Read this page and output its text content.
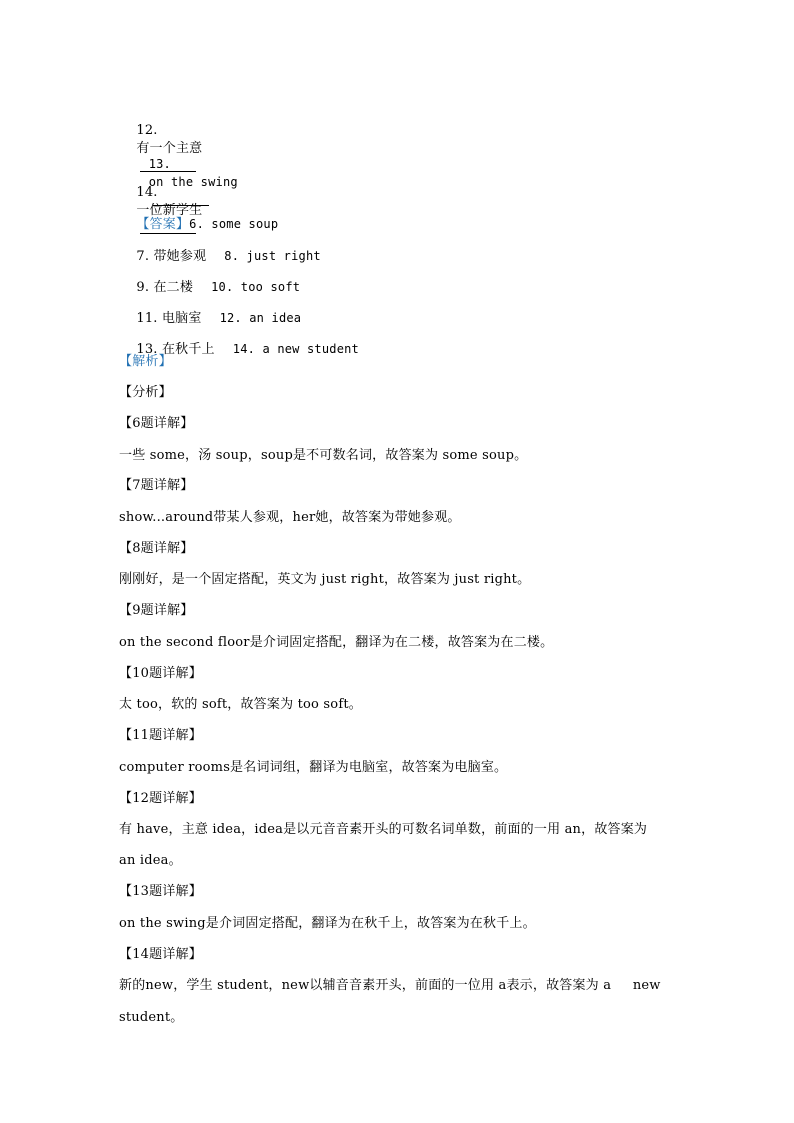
12.
有一个主意

13.
on the swing

14.
一位新学生

【答案】6. some soup

7. 带她参观 8. just right

9. 在二楼 10. too soft

11. 电脑室 12. an idea

13. 在秋千上 14. a new student

【解析】
【分析】
【6题详解】
一些 some，汤 soup，soup是不可数名词，故答案为 some soup。
【7题详解】
show...around带某人参观，her她，故答案为带她参观。
【8题详解】
刚刚好，是一个固定搭配，英文为 just right，故答案为 just right。
【9题详解】
on the second floor是介词固定搭配，翻译为在二楼，故答案为在二楼。
【10题详解】
太 too，软的 soft，故答案为 too soft。
【11题详解】
computer rooms是名词词组，翻译为电脑室，故答案为电脑室。
【12题详解】
有 have，主意 idea，idea是以元音音素开头的可数名词单数，前面的一用 an，故答案为
an idea。
【13题详解】
on the swing是介词固定搭配，翻译为在秋千上，故答案为在秋千上。
【14题详解】
新的new，学生 student，new以辅音音素开头，前面的一位用 a表示，故答案为 a     new
student。
